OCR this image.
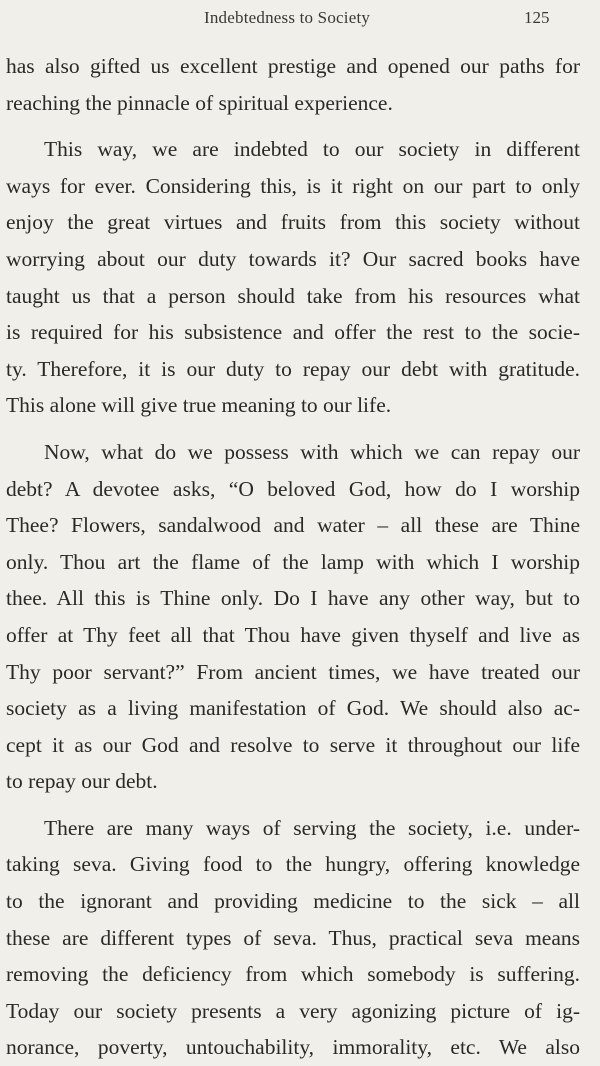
Indebtedness to Society	125
has also gifted us excellent prestige and opened our paths for
reaching the pinnacle of spiritual experience.
This way, we are indebted to our society in different
ways for ever. Considering this, is it right on our part to only
enjoy the great virtues and fruits from this society without
worrying about our duty towards it? Our sacred books have
taught us that a person should take from his resources what
is required for his subsistence and offer the rest to the socie-
ty. Therefore, it is our duty to repay our debt with gratitude.
This alone will give true meaning to our life.
Now, what do we possess with which we can repay our
debt? A devotee asks, “O beloved God, how do I worship
Thee? Flowers, sandalwood and water – all these are Thine
only. Thou art the flame of the lamp with which I worship
thee. All this is Thine only. Do I have any other way, but to
offer at Thy feet all that Thou have given thyself and live as
Thy poor servant?” From ancient times, we have treated our
society as a living manifestation of God. We should also ac-
cept it as our God and resolve to serve it throughout our life
to repay our debt.
There are many ways of serving the society, i.e. under-
taking seva. Giving food to the hungry, offering knowledge
to the ignorant and providing medicine to the sick – all
these are different types of seva. Thus, practical seva means
removing the deficiency from which somebody is suffering.
Today our society presents a very agonizing picture of ig-
norance, poverty, untouchability, immorality, etc. We also
